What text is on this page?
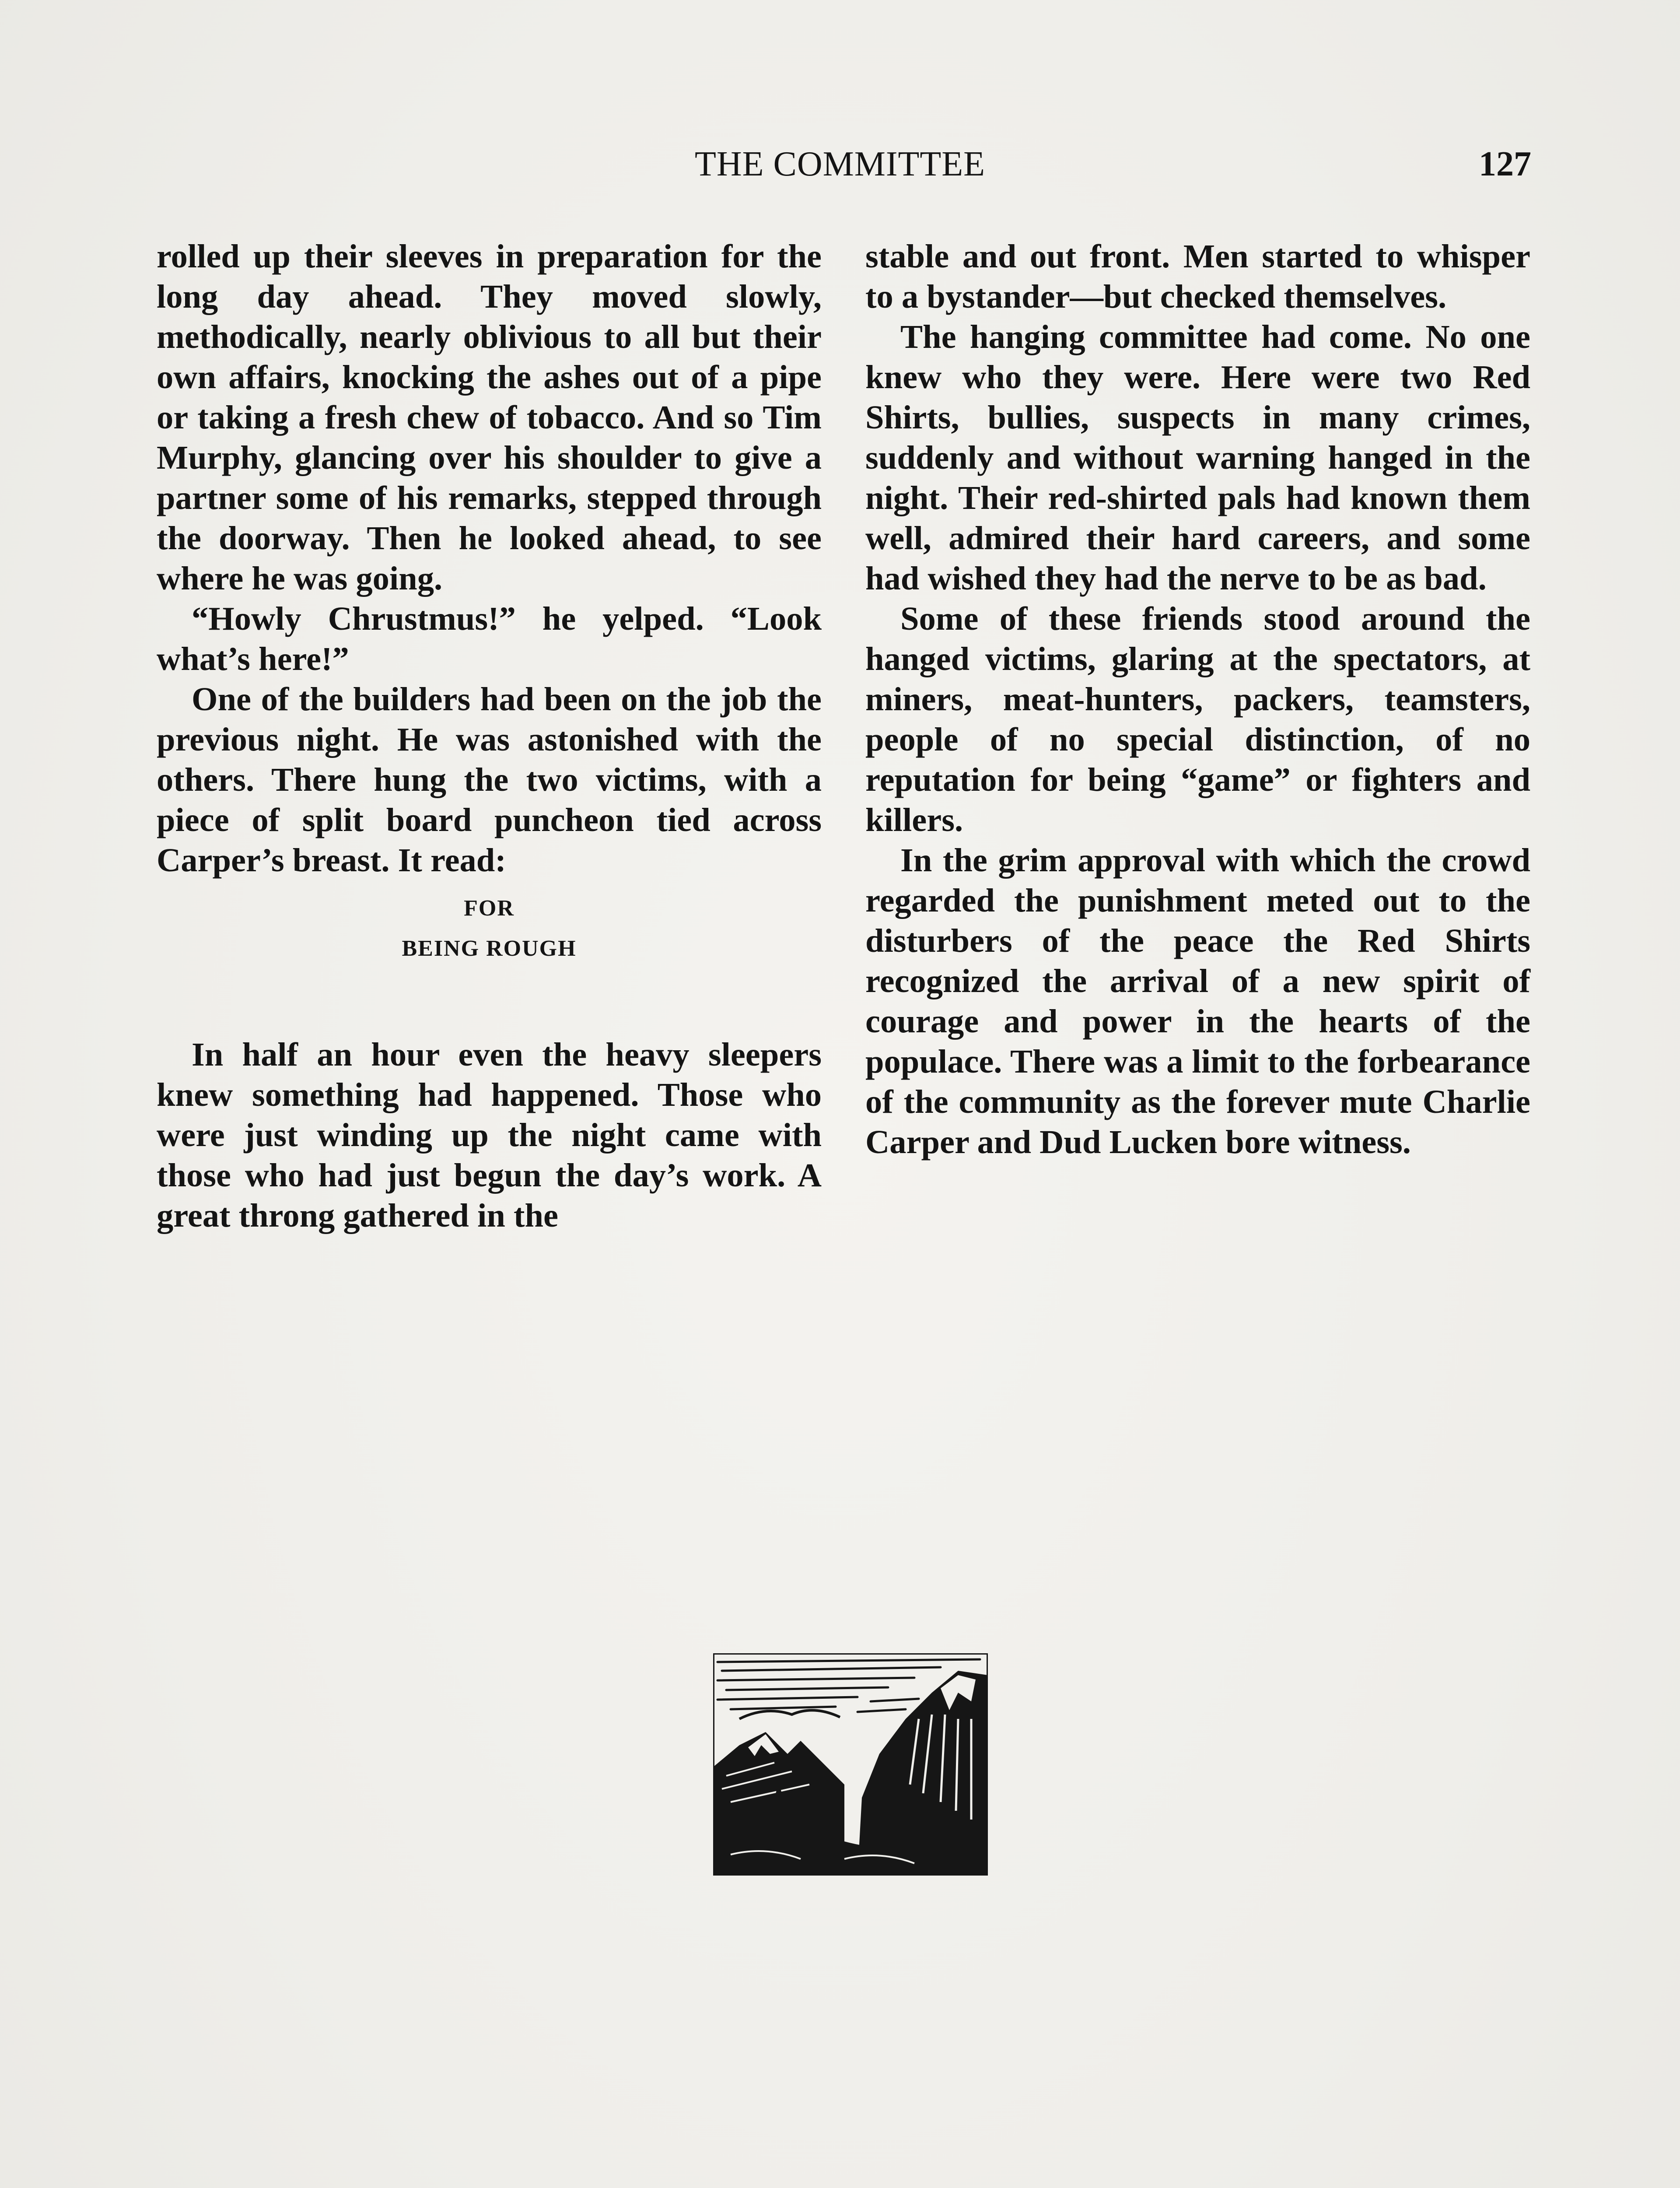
THE COMMITTEE	127

rolled up their sleeves in preparation for the long day ahead. They moved slowly, methodically, nearly oblivious to all but their own affairs, knocking the ashes out of a pipe or taking a fresh chew of tobacco. And so Tim Murphy, glancing over his shoulder to give a partner some of his remarks, stepped through the doorway. Then he looked ahead, to see where he was going.

“Howly Chrustmus!” he yelped. “Look what’s here!”

One of the builders had been on the job the previous night. He was astonished with the others. There hung the two victims, with a piece of split board puncheon tied across Carper’s breast. It read:

FOR
BEING ROUGH

In half an hour even the heavy sleepers knew something had happened. Those who were just winding up the night came with those who had just begun the day’s work. A great throng gathered in the

stable and out front. Men started to whisper to a bystander—but checked themselves.

The hanging committee had come. No one knew who they were. Here were two Red Shirts, bullies, suspects in many crimes, suddenly and without warning hanged in the night. Their red-shirted pals had known them well, admired their hard careers, and some had wished they had the nerve to be as bad.

Some of these friends stood around the hanged victims, glaring at the spectators, at miners, meat-hunters, packers, teamsters, people of no special distinction, of no reputation for being “game” or fighters and killers.

In the grim approval with which the crowd regarded the punishment meted out to the disturbers of the peace the Red Shirts recognized the arrival of a new spirit of courage and power in the hearts of the populace. There was a limit to the forbearance of the community as the forever mute Charlie Carper and Dud Lucken bore witness.
